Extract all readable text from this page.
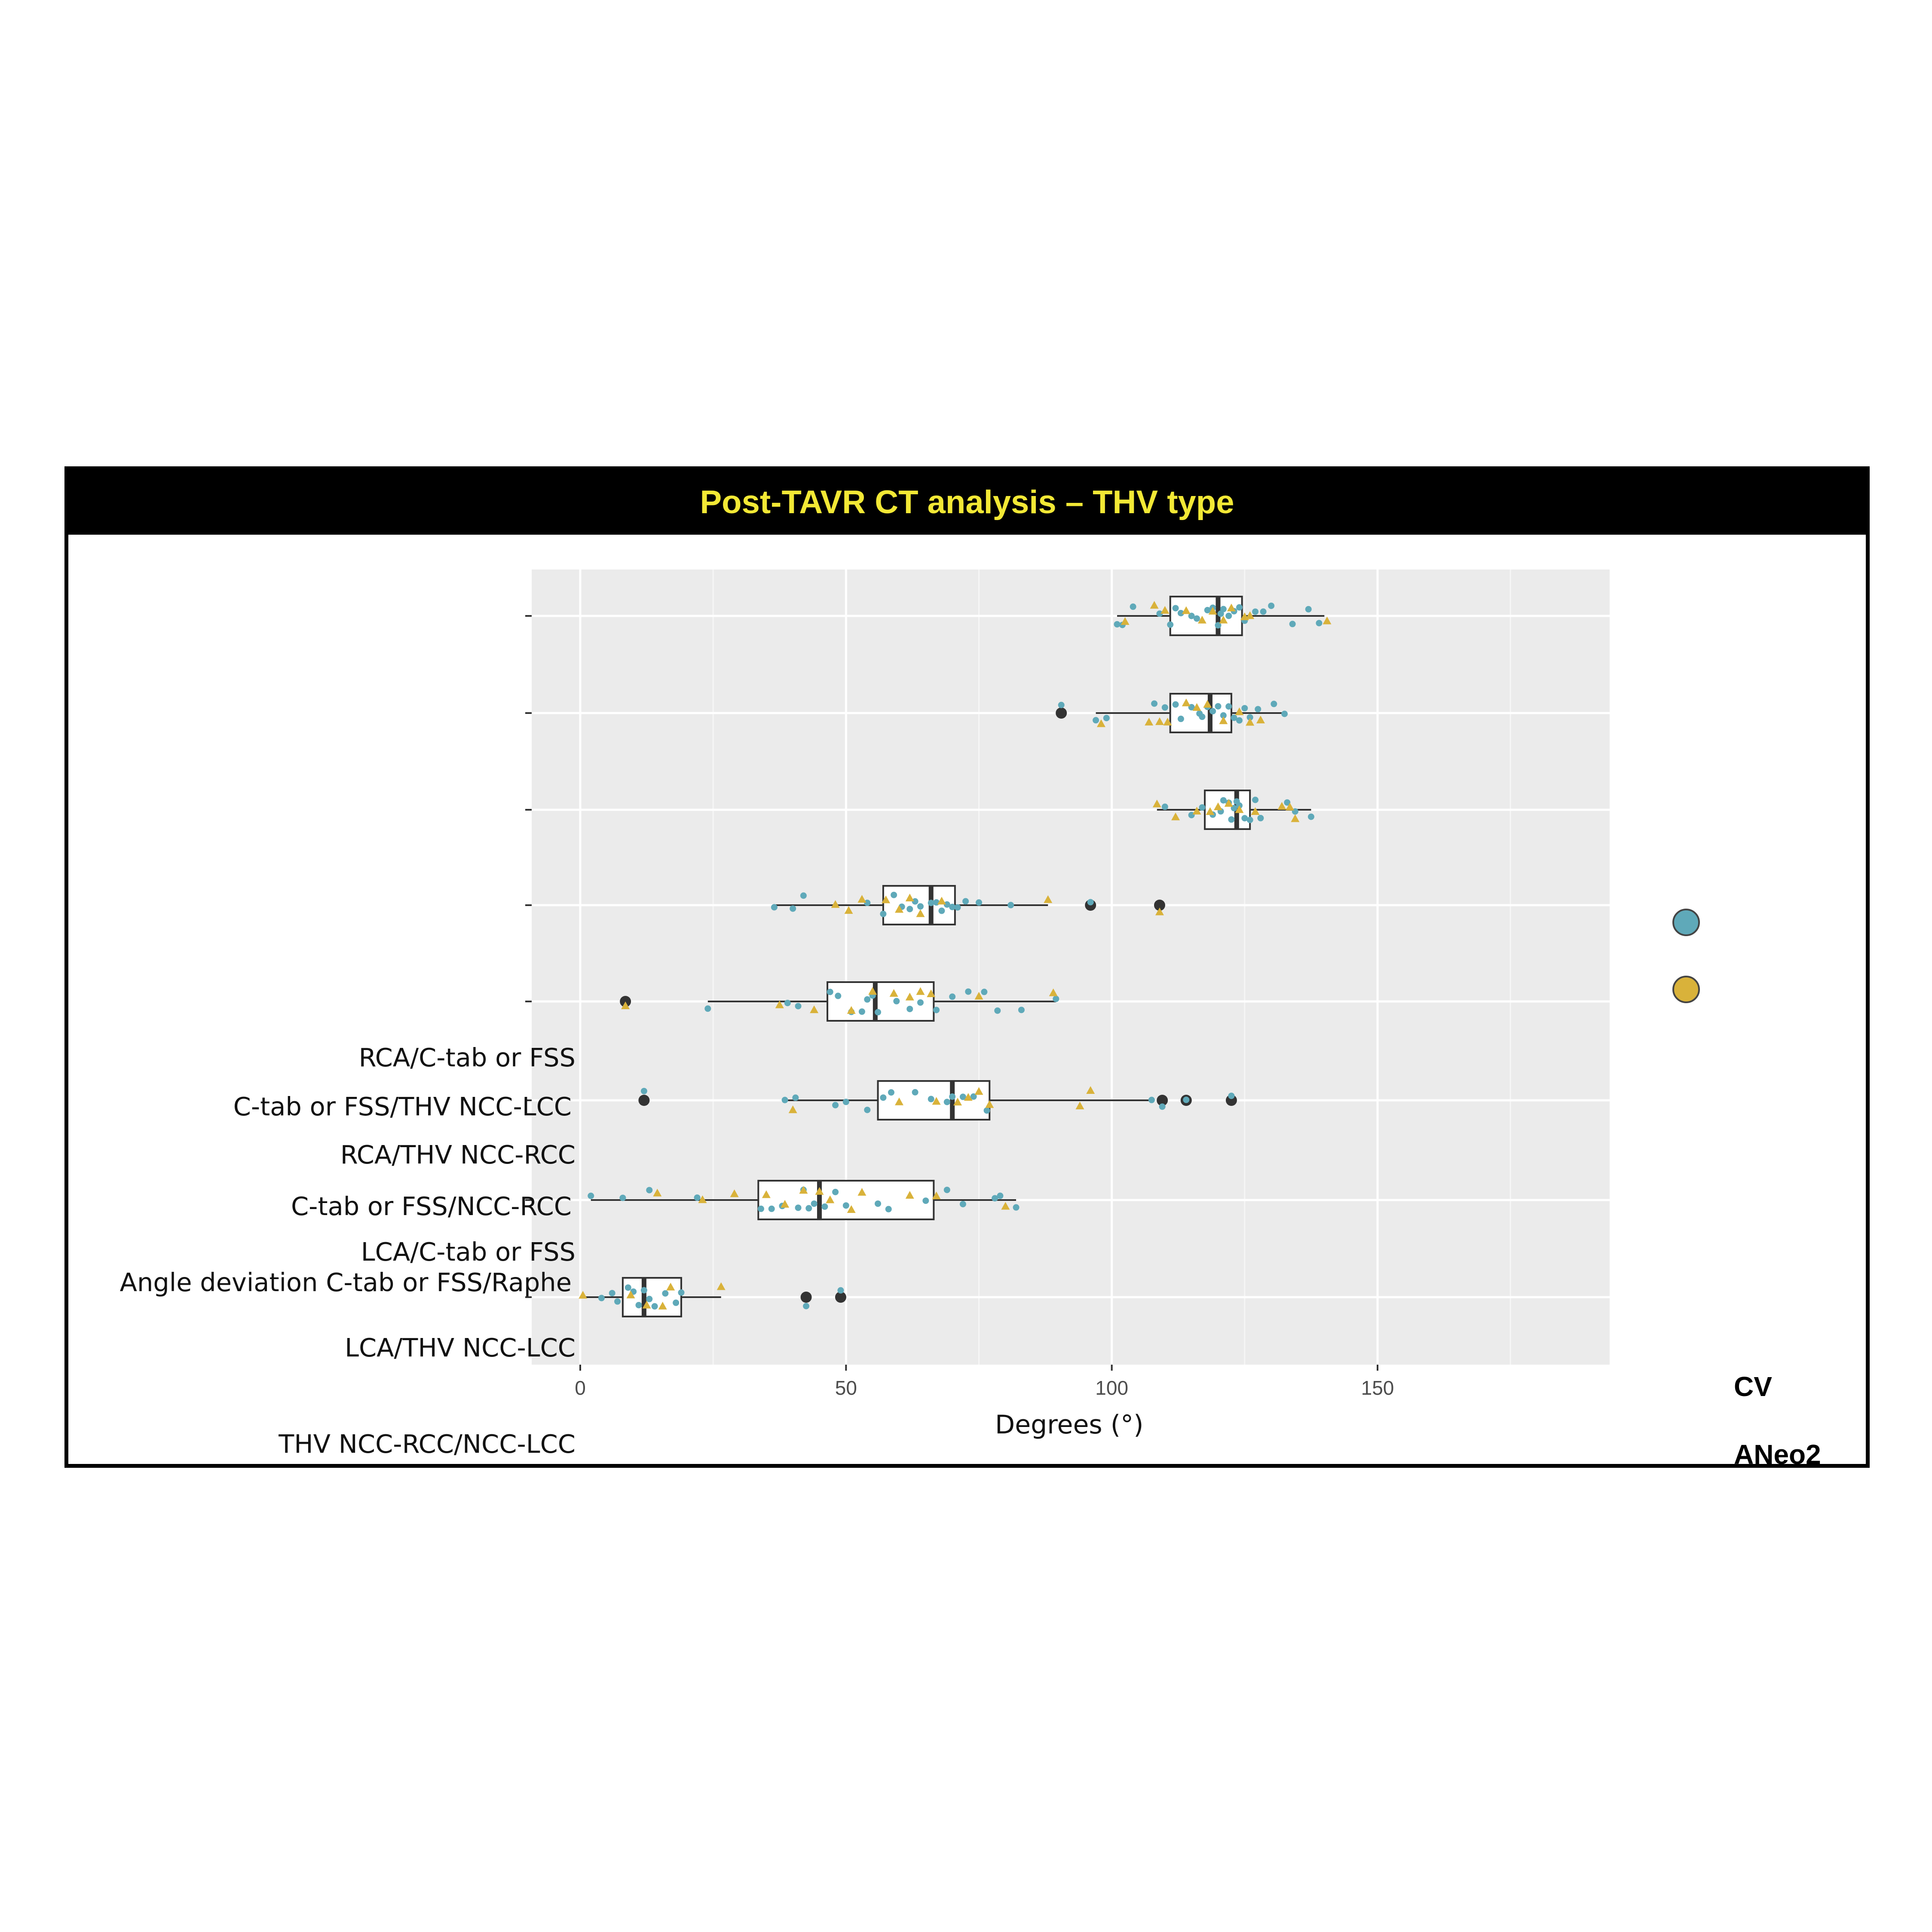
Post-TAVR CT analysis – THV type
0	50	100	150
RCA/C-tab or FSS
RCA/THV NCC-RCC
LCA/C-tab or FSS
LCA/THV NCC-LCC
THV NCC-RCC/NCC-LCC
CV
ANeo2
C-tab or FSS/THV NCC-LCC
C-tab or FSS/NCC-RCC
Angle deviation C-tab or FSS/Raphe
Degrees (°)
